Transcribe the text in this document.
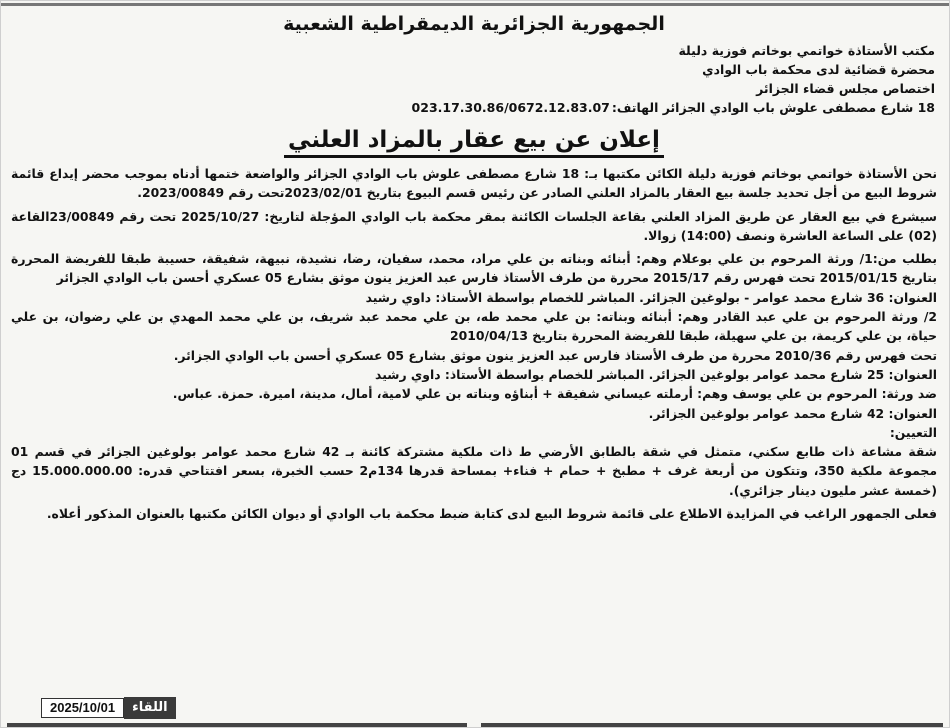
الجمهورية الجزائرية الديمقراطية الشعبية

مكتب الأستاذة خواتمي بوخاتم فوزية دليلة

محضرة قضائية لدى محكمة باب الوادي

اختصاص مجلس قضاء الجزائر

18 شارع مصطفى علوش باب الوادي الجزائر الهاتف:
023.17.30.86/0672.12.83.07

إعلان عن بيع عقار بالمزاد العلني

نحن الأستاذة خواتمي بوخاتم فوزية دليلة الكائن مكتبها بـ: 18 شارع مصطفى علوش باب الوادي الجزائر والواضعة ختمها أدناه بموجب محضر إيداع قائمة شروط البيع من أجل تحديد جلسة بيع العقار بالمزاد العلني الصادر عن رئيس قسم البيوع بتاريخ 2023/02/01تحت رقم 2023/00849.

سيشرع في بيع العقار عن طريق المزاد العلني بقاعة الجلسات الكائنة بمقر محكمة باب الوادي المؤجلة لتاريخ: 2025/10/27 تحت رقم 23/00849القاعة (02) على الساعة العاشرة ونصف (14:00) زوالا.

بطلب من:1/ ورثة المرحوم بن علي بوعلام وهم: أبنائه وبناته بن علي مراد، محمد، سفيان، رضا، نشيدة، نبيهة، شفيقة، حسيبة طبقا للفريضة المحررة بتاريخ 2015/01/15 تحت فهرس رقم 2015/17 محررة من طرف الأستاذ فارس عبد العزيز ينون موثق بشارع 05 عسكري أحسن باب الوادي الجزائر

العنوان: 36 شارع محمد عوامر - بولوغين الجزائر. المباشر للخصام بواسطة الأستاذ: داوي رشيد

2/ ورثة المرحوم بن علي عبد القادر وهم: أبنائه وبناته: بن علي محمد طه، بن علي محمد عبد شريف، بن علي محمد المهدي بن علي رضوان، بن علي حياة، بن علي كريمة، بن علي سهيلة، طبقا للفريضة المحررة بتاريخ 2010/04/13

تحت فهرس رقم 2010/36 محررة من طرف الأستاذ فارس عبد العزيز ينون موثق بشارع 05 عسكري أحسن باب الوادي الجزائر.

العنوان: 25 شارع محمد عوامر بولوغين الجزائر. المباشر للخصام بواسطة الأستاذ: داوي رشيد

ضد ورثة: المرحوم بن علي يوسف وهم: أرملته عيساني شفيقة + أبناؤه وبناته بن علي لامية، أمال، مدينة، اميرة. حمزة. عباس.

العنوان: 42 شارع محمد عوامر بولوغين الجزائر.

التعيين:

شقة مشاعة ذات طابع سكني، متمثل في شقة بالطابق الأرضي ط ذات ملكية مشتركة كائنة بـ 42 شارع محمد عوامر بولوغين الجزائر في قسم 01 مجموعة ملكية 350، وتتكون من أربعة غرف + مطبخ + حمام + فناء+ بمساحة قدرها 134م2 حسب الخبرة، بسعر افتتاحي قدره: 15.000.000.00 دج (خمسة عشر مليون دينار جزائري).

فعلى الجمهور الراغب في المزايدة الاطلاع على قائمة شروط البيع لدى كتابة ضبط محكمة باب الوادي أو ديوان الكائن مكتبها بالعنوان المذكور أعلاه.

اللقاء
2025/10/01
